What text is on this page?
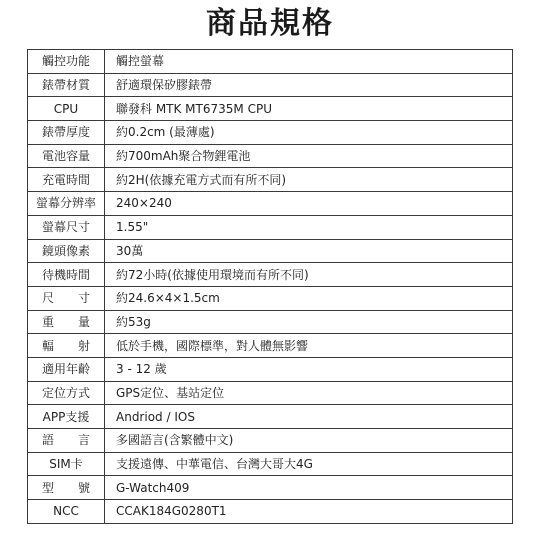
商品規格
觸控功能	觸控螢幕
錶帶材質	舒適環保矽膠錶帶
CPU	聯發科 MTK MT6735M CPU
錶帶厚度	約0.2cm (最薄處)
電池容量	約700mAh聚合物鋰電池
充電時間	約2H(依據充電方式而有所不同)
螢幕分辨率	240×240
螢幕尺寸	1.55"
鏡頭像素	30萬
待機時間	約72小時(依據使用環境而有所不同)
尺　　寸	約24.6×4×1.5cm
重　　量	約53g
輻　　射	低於手機，國際標準，對人體無影響
適用年齡	3 - 12 歲
定位方式	GPS定位、基站定位
APP支援	Andriod / IOS
語　　言	多國語言(含繁體中文)
SIM卡	支援遠傳、中華電信、台灣大哥大4G
型　　號	G-Watch409
NCC	CCAK184G0280T1
